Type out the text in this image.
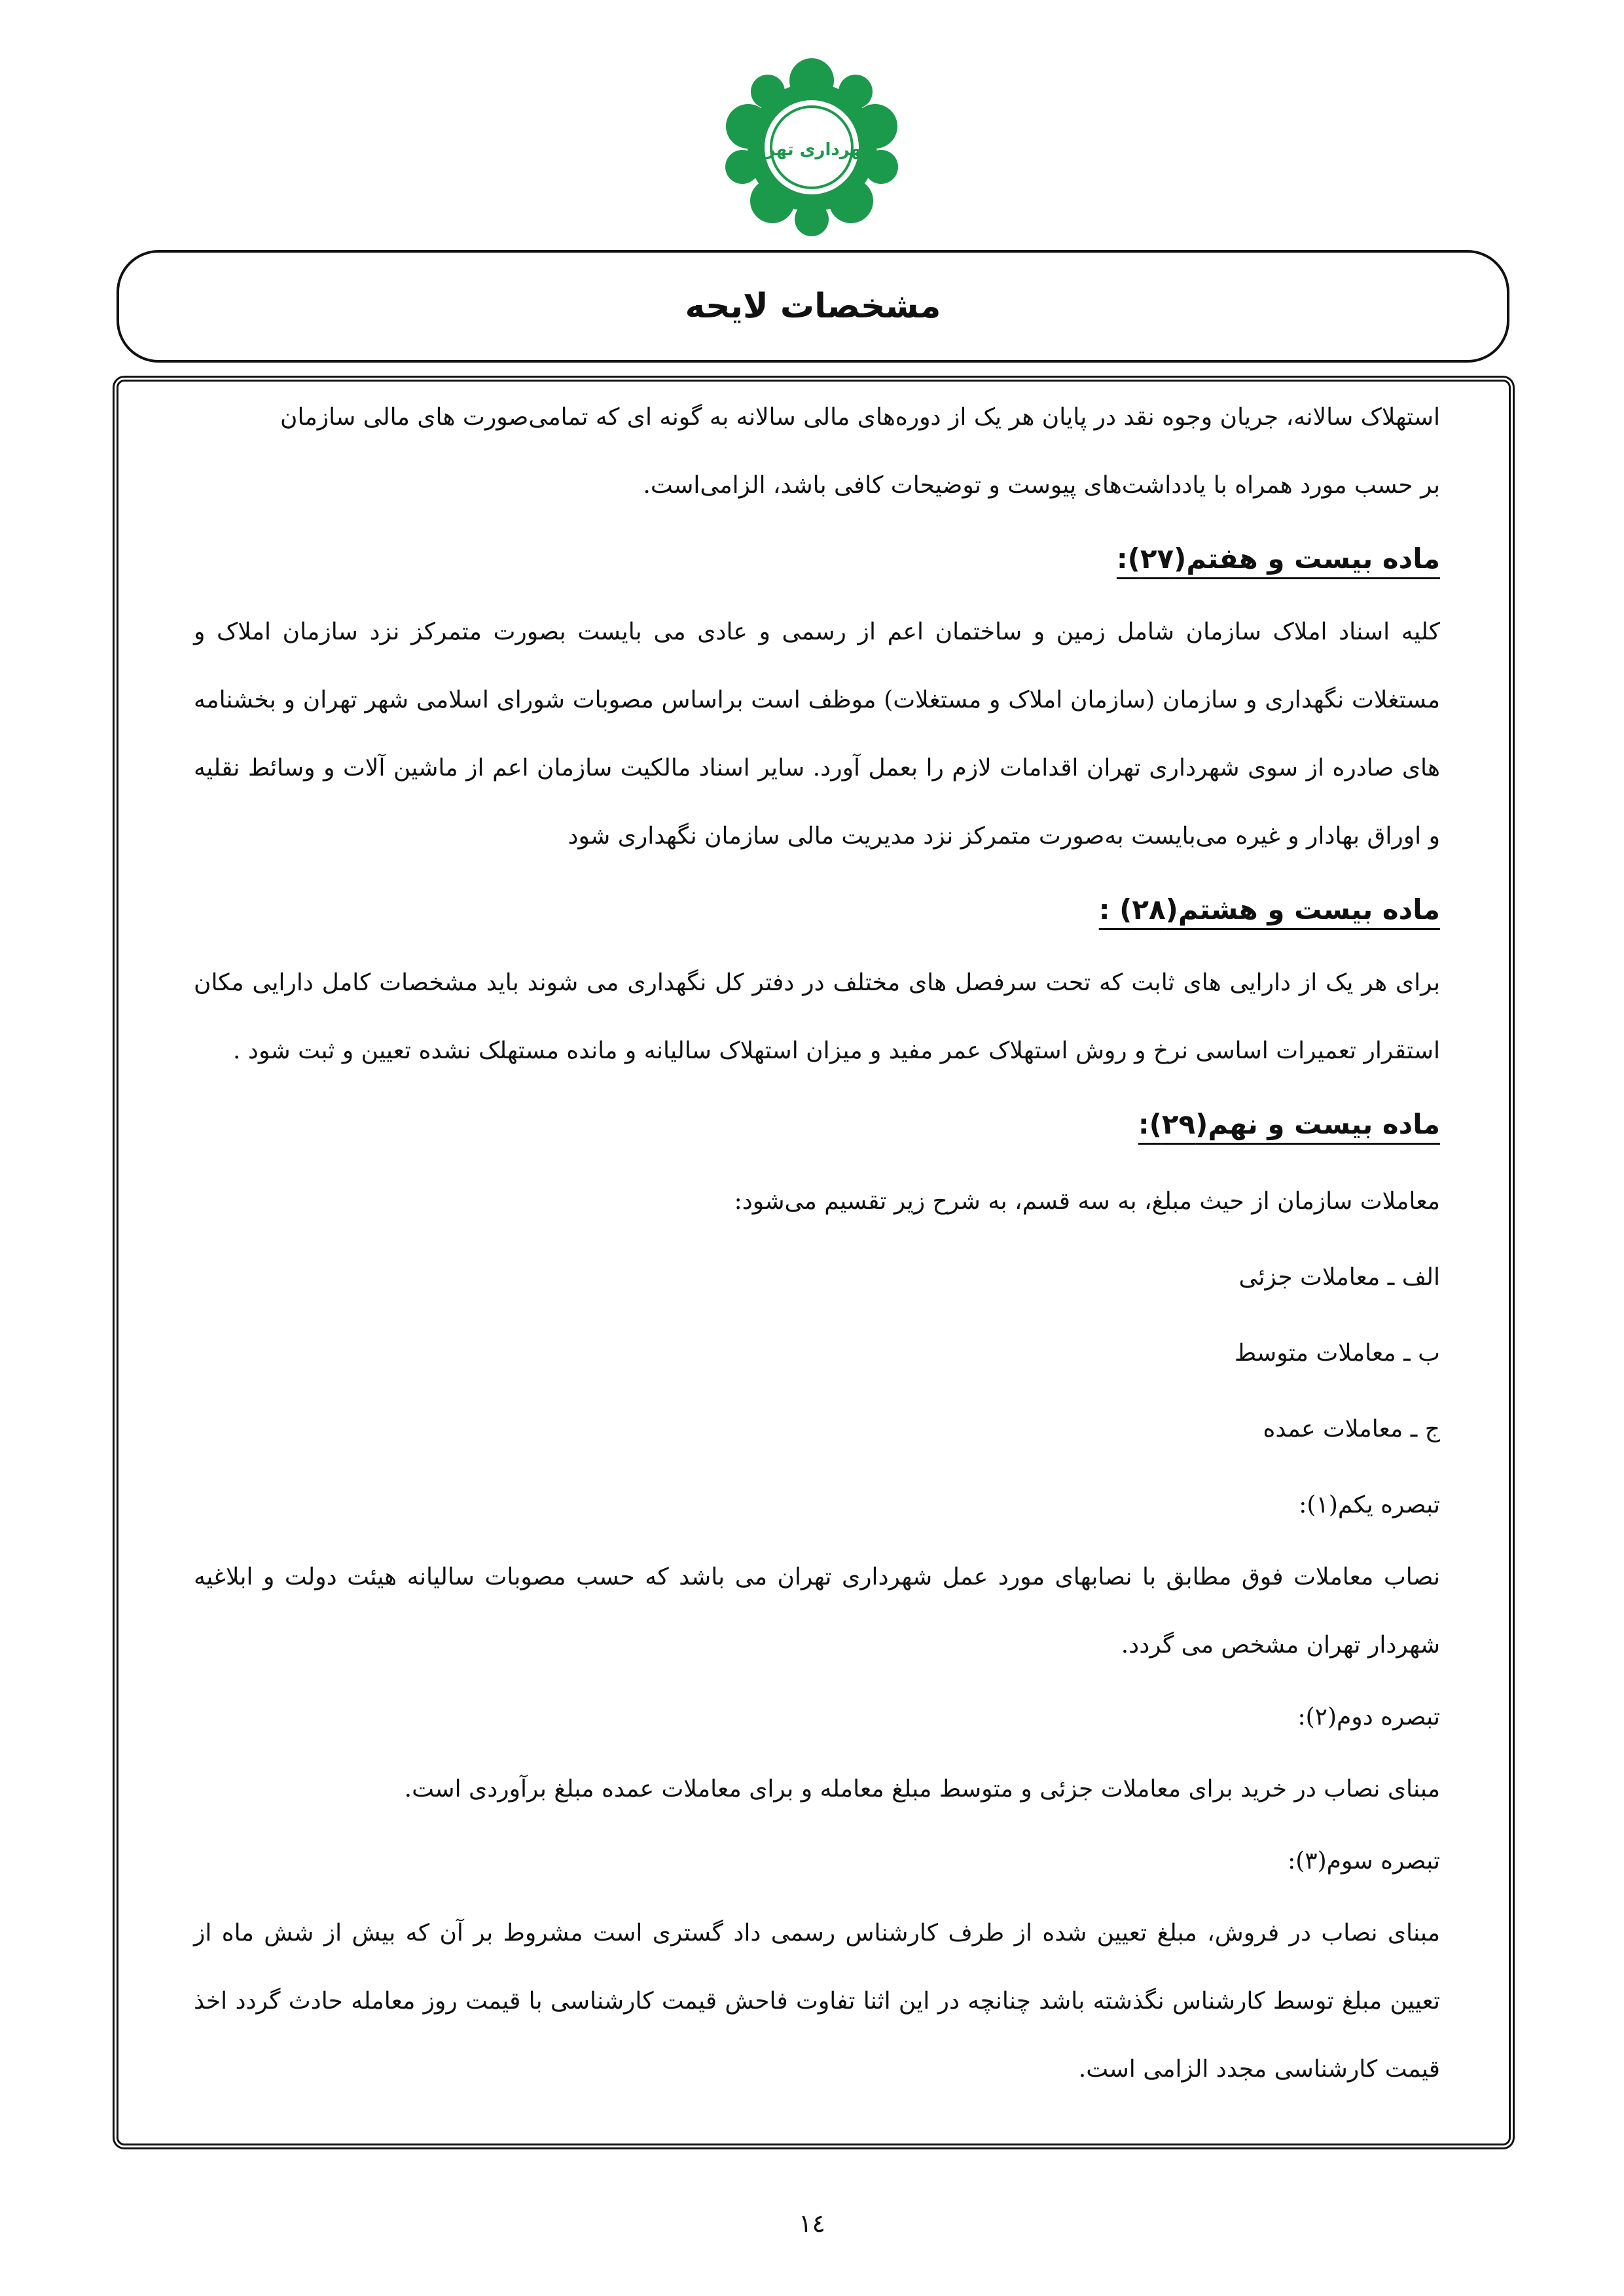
شهرداری تهران
مشخصات لایحه

استهلاک سالانه، جریان وجوه نقد در پایان هر یک از دوره‌های مالی سالانه به گونه ای که تمامی‌صورت های مالی سازمان

بر حسب مورد همراه با یادداشت‌های پیوست و توضیحات کافی باشد، الزامی‌است.

ماده بیست و هفتم(۲۷):

کلیه اسناد املاک سازمان شامل زمین و ساختمان اعم از رسمی و عادی می بایست بصورت متمرکز نزد سازمان املاک و مستغلات نگهداری و سازمان (سازمان املاک و مستغلات) موظف است براساس مصوبات شورای اسلامی شهر تهران و بخشنامه های صادره از سوی شهرداری تهران اقدامات لازم را بعمل آورد. سایر اسناد مالکیت سازمان اعم از ماشین آلات و وسائط نقلیه و اوراق بهادار و غیره می‌بایست به‌صورت متمرکز نزد مدیریت مالی سازمان نگهداری شود

ماده بیست و هشتم(۲۸) :

برای هر یک از دارایی های ثابت که تحت سرفصل های مختلف در دفتر کل نگهداری می شوند باید مشخصات کامل دارایی مکان استقرار تعمیرات اساسی نرخ و روش استهلاک عمر مفید و میزان استهلاک سالیانه و مانده مستهلک نشده تعیین و ثبت شود .

ماده بیست و نهم(۲۹):

معاملات سازمان از حیث مبلغ، به سه قسم، به شرح زیر تقسیم می‌شود:

الف ـ معاملات جزئی

ب ـ معاملات متوسط

ج ـ معاملات عمده

تبصره یکم(۱):

نصاب معاملات فوق مطابق با نصابهای مورد عمل شهرداری تهران می باشد که حسب مصوبات سالیانه هیئت دولت و ابلاغیه شهردار تهران مشخص می گردد.

تبصره دوم(۲):

مبنای نصاب در خرید برای معاملات جزئی و متوسط مبلغ معامله و برای معاملات عمده مبلغ برآوردی است.

تبصره سوم(۳):

مبنای نصاب در فروش، مبلغ تعیین شده از طرف کارشناس رسمی داد گستری است مشروط بر آن که بیش از شش ماه از تعیین مبلغ توسط کارشناس نگذشته باشد چنانچه در این اثنا تفاوت فاحش قیمت کارشناسی با قیمت روز معامله حادث گردد اخذ قیمت کارشناسی مجدد الزامی است.

۱٤
